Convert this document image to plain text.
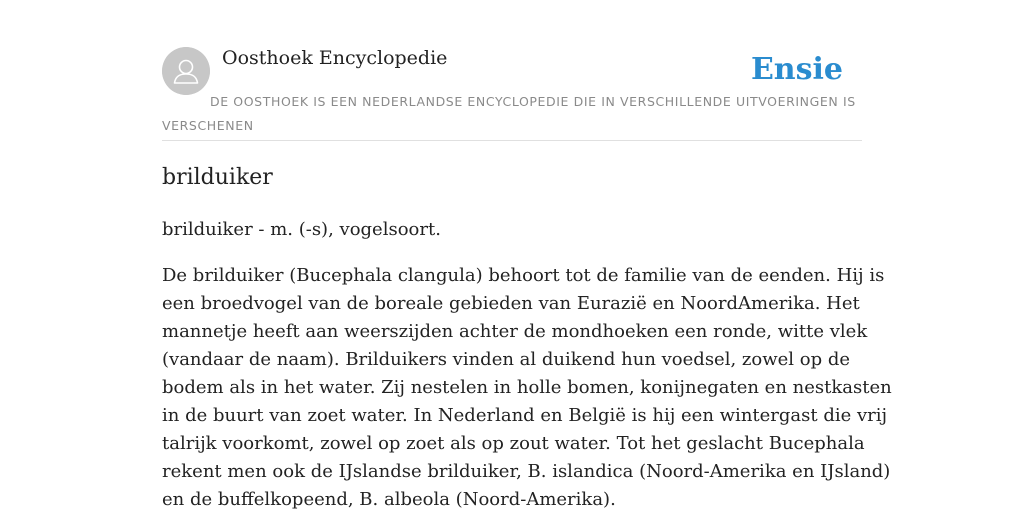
Oosthoek Encyclopedie	Ensie
DE OOSTHOEK IS EEN NEDERLANDSE ENCYCLOPEDIE DIE IN VERSCHILLENDE UITVOERINGEN IS VERSCHENEN
brilduiker

brilduiker - m. (-s), vogelsoort.

De brilduiker (Bucephala clangula) behoort tot de familie van de eenden. Hij is
een broedvogel van de boreale gebieden van Eurazië en NoordAmerika. Het
mannetje heeft aan weerszijden achter de mondhoeken een ronde, witte vlek
(vandaar de naam). Brilduikers vinden al duikend hun voedsel, zowel op de
bodem als in het water. Zij nestelen in holle bomen, konijnegaten en nestkasten
in de buurt van zoet water. In Nederland en België is hij een wintergast die vrij
talrijk voorkomt, zowel op zoet als op zout water. Tot het geslacht Bucephala
rekent men ook de IJslandse brilduiker, B. islandica (Noord-Amerika en IJsland)
en de buffelkopeend, B. albeola (Noord-Amerika).
